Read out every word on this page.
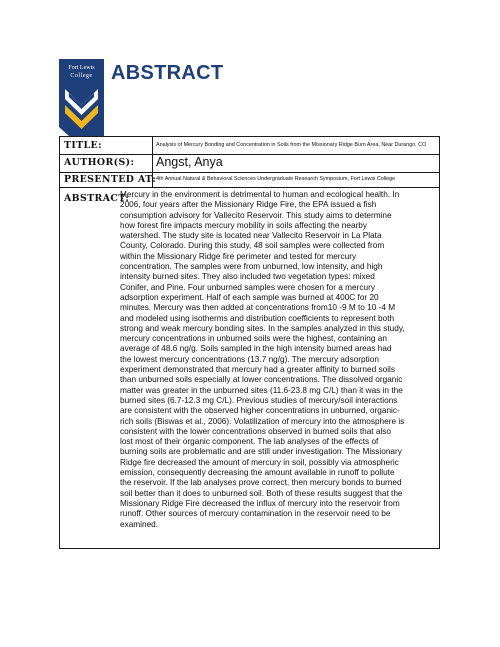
Fort Lewis
College ABSTRACT
TITLE:	Analysis of Mercury Bonding and Concentration in Soils from the Missionary Ridge Burn Area, Near Durango, CO
AUTHOR(S): Angst, Anya
PRESENTED AT: 4th Annual Natural & Behavioral Sciences Undergraduate Research Symposium, Fort Lewis College
ABSTRACT:
Mercury in the environment is detrimental to human and ecological health. In
2006, four years after the Missionary Ridge Fire, the EPA issued a fish
consumption advisory for Vallecito Reservoir. This study aims to determine
how forest fire impacts mercury mobility in soils affecting the nearby
watershed. The study site is located near Vallecito Reservoir in La Plata
County, Colorado. During this study, 48 soil samples were collected from
within the Missionary Ridge fire perimeter and tested for mercury
concentration. The samples were from unburned, low intensity, and high
intensity burned sites. They also included two vegetation types: mixed
Conifer, and Pine. Four unburned samples were chosen for a mercury
adsorption experiment. Half of each sample was burned at 400C for 20
minutes. Mercury was then added at concentrations from10 -9 M to 10 -4 M
and modeled using isotherms and distribution coefficients to represent both
strong and weak mercury bonding sites. In the samples analyzed in this study,
mercury concentrations in unburned soils were the highest, containing an
average of 48.6 ng/g. Soils sampled in the high intensity burned areas had
the lowest mercury concentrations (13.7 ng/g). The mercury adsorption
experiment demonstrated that mercury had a greater affinity to burned soils
than unburned soils especially at lower concentrations. The dissolved organic
matter was greater in the unburned sites (11.6-23.8 mg C/L) than it was in the
burned sites (6.7-12.3 mg C/L). Previous studies of mercury/soil interactions
are consistent with the observed higher concentrations in unburned, organic-
rich soils (Biswas et al., 2006). Volatilization of mercury into the atmosphere is
consistent with the lower concentrations observed in burned soils that also
lost most of their organic component. The lab analyses of the effects of
burning soils are problematic and are still under investigation. The Missionary
Ridge fire decreased the amount of mercury in soil, possibly via atmospheric
emission, consequently decreasing the amount available in runoff to pollute
the reservoir. If the lab analyses prove correct, then mercury bonds to burned
soil better than it does to unburned soil. Both of these results suggest that the
Missionary Ridge Fire decreased the influx of mercury into the reservoir from
runoff. Other sources of mercury contamination in the reservoir need to be
examined.
